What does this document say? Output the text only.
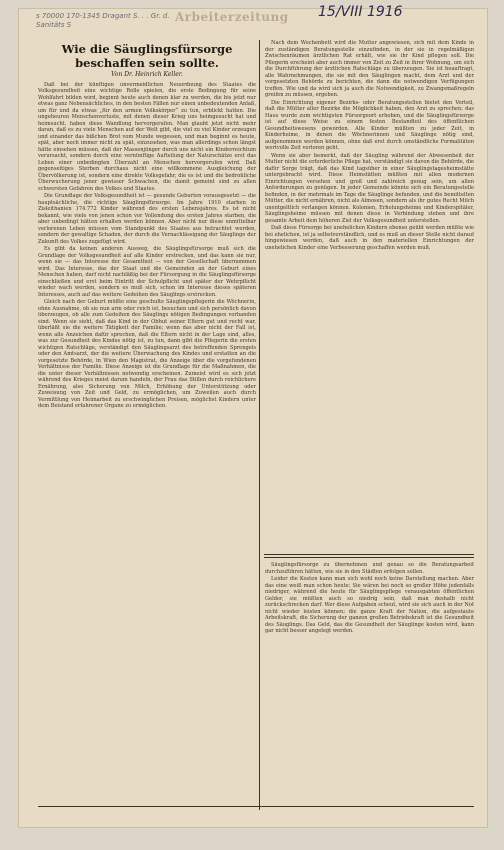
s 70000 170-1345 Dragant S. . . Gr. d. Sanitäts S
Arbeiterzeitung 15/VIII 1916
Wie die Säuglingsfürsorge beschaffen sein sollte.
Von Dr. Heinrich Keller.

Daß bei der künftigen unvermeidlichen Neuordnung des Staates die Volksgesundheit eine wichtige Rolle spielen, die erste Bedingung für seine Wohlfahrt bilden wird, beginnt heute auch denen klar zu werden, die bis jetzt nur etwas ganz Nebensächliches, in den besten Fällen nur einen unbedeutenden Anlaß, um für und da etwas „für den armen Volkskörper“ zu tun, erblickt hatten. Die ungeheuren Menschenverluste, mit denen dieser Krieg uns heimgesucht hat und heimsucht, haben diese Wandlung hervorgerufen. Man glaubt jetzt nicht mehr daran, daß es zu viele Menschen auf der Welt gibt, die viel zu viel Kinder erzeugen und einander das bißchen Brot vom Munde wegessen, und man beginnt es heute, spät, aber noch immer nicht zu spät, einzusehen, was man allerdings schon längst hätte einsehen müssen, daß der Massenjünger durch uns nicht ein Kinderreichtum verursacht, sondern durch eine vernünftige Aufteilung der Naturschätze erst das Leben einer unbedingten Überzahl an Menschen hervorgerufen wird. Daß gegenseitiges Sterben durchaus nicht eine willkommene Ausgleichung der Übervölkerung ist, sondern eine direkte Volksgefahr, die es ist und die bedrohliche Überwucherung jener gewisser Schwachen, die damit gemeint sind zu allen schwersten Gefahren des Volkes und Staates.

Die Grundlage der Volksgesundheit ist — gesunde Geburten vorausgesetzt — die hauptsächliche, die richtige Säuglingsfürsorge. Im Jahre 1910 starben in Zisleithanien 174.772 Kinder während des ersten Lebensjahres. Es ist nicht bekannt, wie viele von jenen schon vor Vollendung des ersten Jahres starben, die aber unbedingt hätten erhalten werden können. Aber nicht nur diese unmittelbar verlorenen Leben müssen vom Standpunkt des Staates aus betrachtet werden, sondern der gewaltige Schaden, der durch die Vernachlässigung der Säuglinge der Zukunft des Volkes zugefügt wird.

Es gibt da keinen anderen Ausweg, die Säuglingsfürsorge muß sich die Grundlage der Volksgesundheit auf alle Kinder erstrecken, und das kann sie nur, wenn sie — das Interesse der Gesamtheit — von der Gesellschaft übernommen wird. Das Interesse, das der Staat und die Gemeinden an der Geburt eines Menschen haben, darf nicht nachläßig bei der Fürsorgung in die Säuglingsfürsorge einschließen und erst beim Eintritt der Schulpflicht und später der Wehrpflicht wieder wach werden, sondern es muß sich, schon im Interesse dieses späteren Interesses, auch auf das weitere Gedeihen des Säuglings erstrecken.

Gleich nach der Geburt müßte eine geschulte Säuglingspflegerin die Wöchnerin, ohne Ausnahme, ob sie nun arm oder reich ist, besuchen und sich persönlich davon überzeugen, ob alle zum Gedeihen des Säuglings nötigen Bedingungen vorhanden sind. Wenn sie sieht, daß das Kind in der Obhut seiner Eltern gut und recht war, überläßt sie die weitere Tätigkeit der Familie; wenn das aber nicht der Fall ist, wenn alle Anzeichen dafür sprechen, daß die Eltern nicht in der Lage sind, alles, was zur Gesundheit des Kindes nötig ist, zu tun, dann gibt die Pflegerin die ersten wichtigen Ratschläge, verständigt den Säuglingsarzt des betreffenden Sprengels oder den Amtsarzt, der die weitere Überwachung des Kindes und erstatten an die vorgesetzte Behörde, in Wien den Magistrat, die Anzeige über die vorgefundenen Verhältnisse der Familie. Diese Anzeige ist die Grundlage für die Maßnahmen, die die unter dieser Verhältnissen notwendig erscheinen. Zumeist wird es sich jetzt während des Krieges meist darum handeln, der Frau das Stillen durch reichlichere Ernährung, also Sicherung von Milch, Erhöhung der Unterstützung oder Zuweisung von Zeit und Geld, zu ermöglichen, um Zuweilen auch durch Vermittlung von Heimarbeit zu erschwinglichen Preisen, möglichst Kindern unter dem Beistand erfahrener Organe zu ermöglichen.

Nach dem Wochenbett wird die Mutter angewiesen, sich mit dem Kinde in der zuständigen Beratungsstelle einzufinden, in der sie in regelmäßigen Zwischenräumen ärztlichen Rat erhält, wie sie ihr Kind pflegen soll. Die Pflegerin erscheint aber auch immer von Zeit zu Zeit in ihrer Wohnung, um sich die Durchführung der ärztlichen Ratschläge zu überzeugen. Sie ist beauftragt, alle Wahrnehmungen, die sie mit den Säuglingen macht, dem Arzt und der vorgesetzten Behörde zu berichten, die dann die notwendigen Verfügungen treffen. Wie und da wird sich ja auch die Notwendigkeit, zu Zwangsmaßregeln greifen zu müssen, ergeben.

Die Einrichtung eigener Bezirks- oder Beratungsstellen bietet den Vorteil, daß die Mütter aller Bezirke die Möglichkeit haben, den Arzt zu sprechen; das Haus wurde zum wichtigsten Fürsorgeort erhoben, und die Säuglingsfürsorge ist auf diese Weise zu einem festen Bestandteil des öffentlichen Gesundheitswesens geworden. Alle Kinder müßten zu jeder Zeit, in Kinderheime, in denen die Wöchnerinnen und Säuglinge nötig sind, aufgenommen werden können, ohne daß erst durch umständliche Formalitäten wertvolle Zeit verloren geht.

Wenn sie aber bemerkt, daß der Säugling während der Abwesenheit der Mutter nicht die erforderliche Pflege hat, verständigt sie davon die Behörde, die dafür Sorge trägt, daß das Kind tagsüber in einer Säuglingstagesheimstätte untergebracht wird. Diese Heimstätten müßten mit allen modernen Einrichtungen versehen und groß und zahlreich genug sein, um allen Anforderungen zu genügen. In jeder Gemeinde könnte sich ein Beratungsstelle befinden, in der mehrmals im Tage die Säuglinge befunden, und die bemittelten Mütter, die nicht ernähren, nicht als Almosen, sondern als ihr gutes Recht Milch unentgeltlich verlangen können. Kolonien, Erholungsheime und Kinderspitäler, Säuglingsheime müssen mit denen diese in Verbindung stehen und ihre gesamte Arbeit dem höheren Ziel der Volksgesundheit unterstellen.

Daß diese Fürsorge bei unehelichen Kindern ebenso geübt werden müßte wie bei ehelichen, ist ja selbstverständlich, und es muß an dieser Stelle nicht darauf hingewiesen werden, daß auch in den materiellen Einrichtungen der unehelichen Kinder eine Verbesserung geschaffen werden muß.

Säuglingsfürsorge zu übernehmen und genau so die Beratungsarbeit durchzuführen hätten, wie sie in den Städten erfolgen sollen.

Leider die Kosten kann man sich wohl noch keine Darstellung machen. Aber das eine weiß man schon heute: Sie wären bei noch so großer Höhe jedenfalls niedriger, während die heute für Säuglingspflege verausgabten öffentlichen Gelder, sie müßten auch so niedrig sein, daß man deshalb nicht zurückschrecken darf. Wer diese Aufgaben scheut, wird sie sich auch in der Not nicht wieder leisten können; die ganze Kraft der Nation, die aufgestaute Arbeitskraft, die Sicherung der ganzen großen Betriebskraft ist die Gesundheit des Säuglings. Das Geld, das die Gesundheit der Säuglinge kosten wird, kann gar nicht besser angelegt werden.
